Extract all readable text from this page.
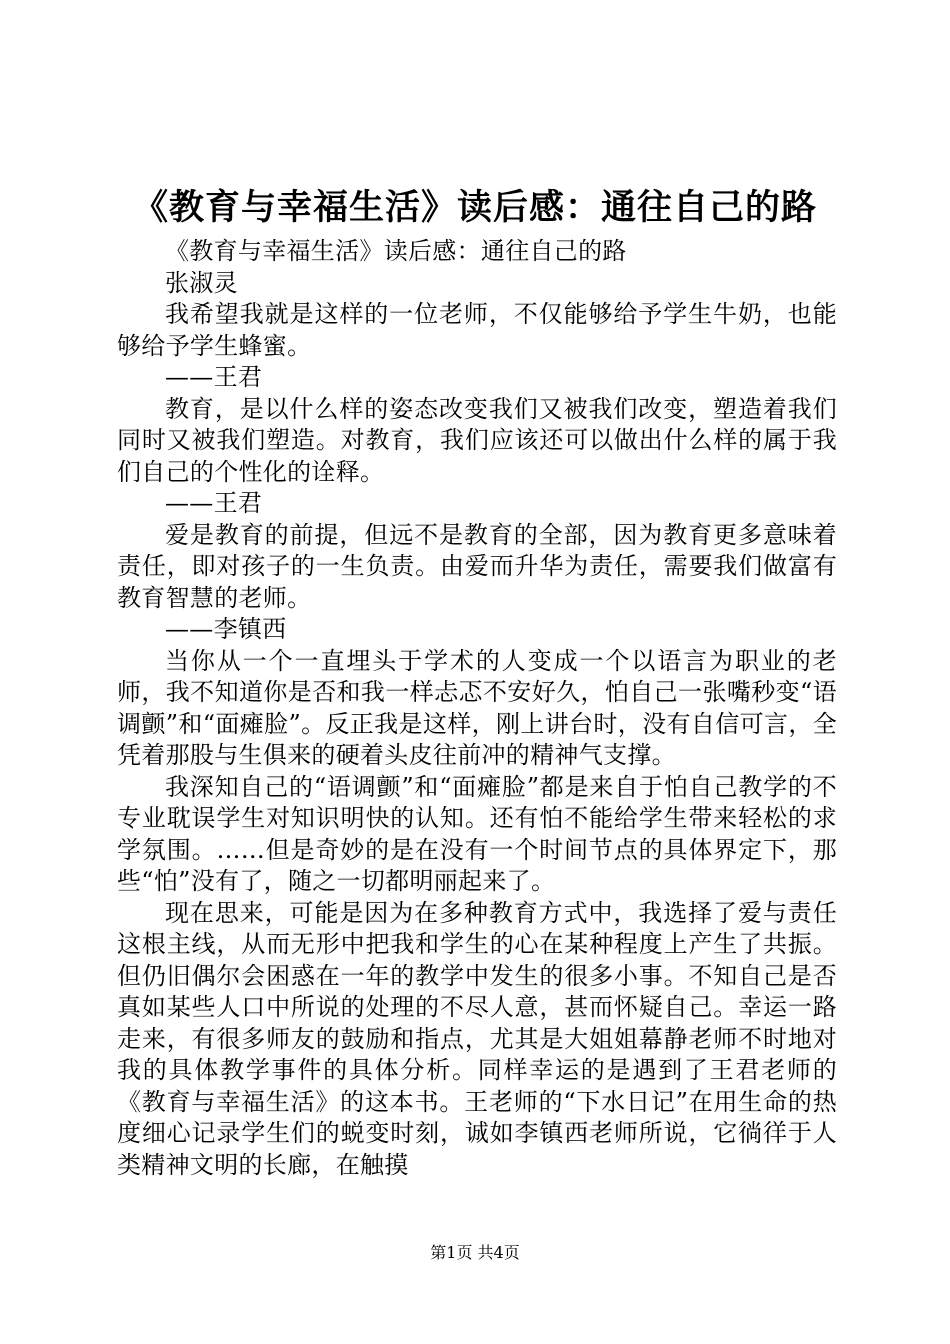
《教育与幸福生活》读后感：通往自己的路

《教育与幸福生活》读后感：通往自己的路

张淑灵

我希望我就是这样的一位老师，不仅能够给予学生牛奶，也能够给予学生蜂蜜。

——王君

教育，是以什么样的姿态改变我们又被我们改变，塑造着我们同时又被我们塑造。对教育，我们应该还可以做出什么样的属于我们自己的个性化的诠释。

——王君

爱是教育的前提，但远不是教育的全部，因为教育更多意味着责任，即对孩子的一生负责。由爱而升华为责任，需要我们做富有教育智慧的老师。

——李镇西

当你从一个一直埋头于学术的人变成一个以语言为职业的老师，我不知道你是否和我一样忐忑不安好久，怕自己一张嘴秒变“语调颤”和“面瘫脸”。反正我是这样，刚上讲台时，没有自信可言，全凭着那股与生俱来的硬着头皮往前冲的精神气支撑。

我深知自己的“语调颤”和“面瘫脸”都是来自于怕自己教学的不专业耽误学生对知识明快的认知。还有怕不能给学生带来轻松的求学氛围。……但是奇妙的是在没有一个时间节点的具体界定下，那些“怕”没有了，随之一切都明丽起来了。

现在思来，可能是因为在多种教育方式中，我选择了爱与责任这根主线，从而无形中把我和学生的心在某种程度上产生了共振。但仍旧偶尔会困惑在一年的教学中发生的很多小事。不知自己是否真如某些人口中所说的处理的不尽人意，甚而怀疑自己。幸运一路走来，有很多师友的鼓励和指点，尤其是大姐姐幕静老师不时地对我的具体教学事件的具体分析。同样幸运的是遇到了王君老师的《教育与幸福生活》的这本书。王老师的“下水日记”在用生命的热度细心记录学生们的蜕变时刻，诚如李镇西老师所说，它徜徉于人类精神文明的长廊，在触摸

第1页 共4页
